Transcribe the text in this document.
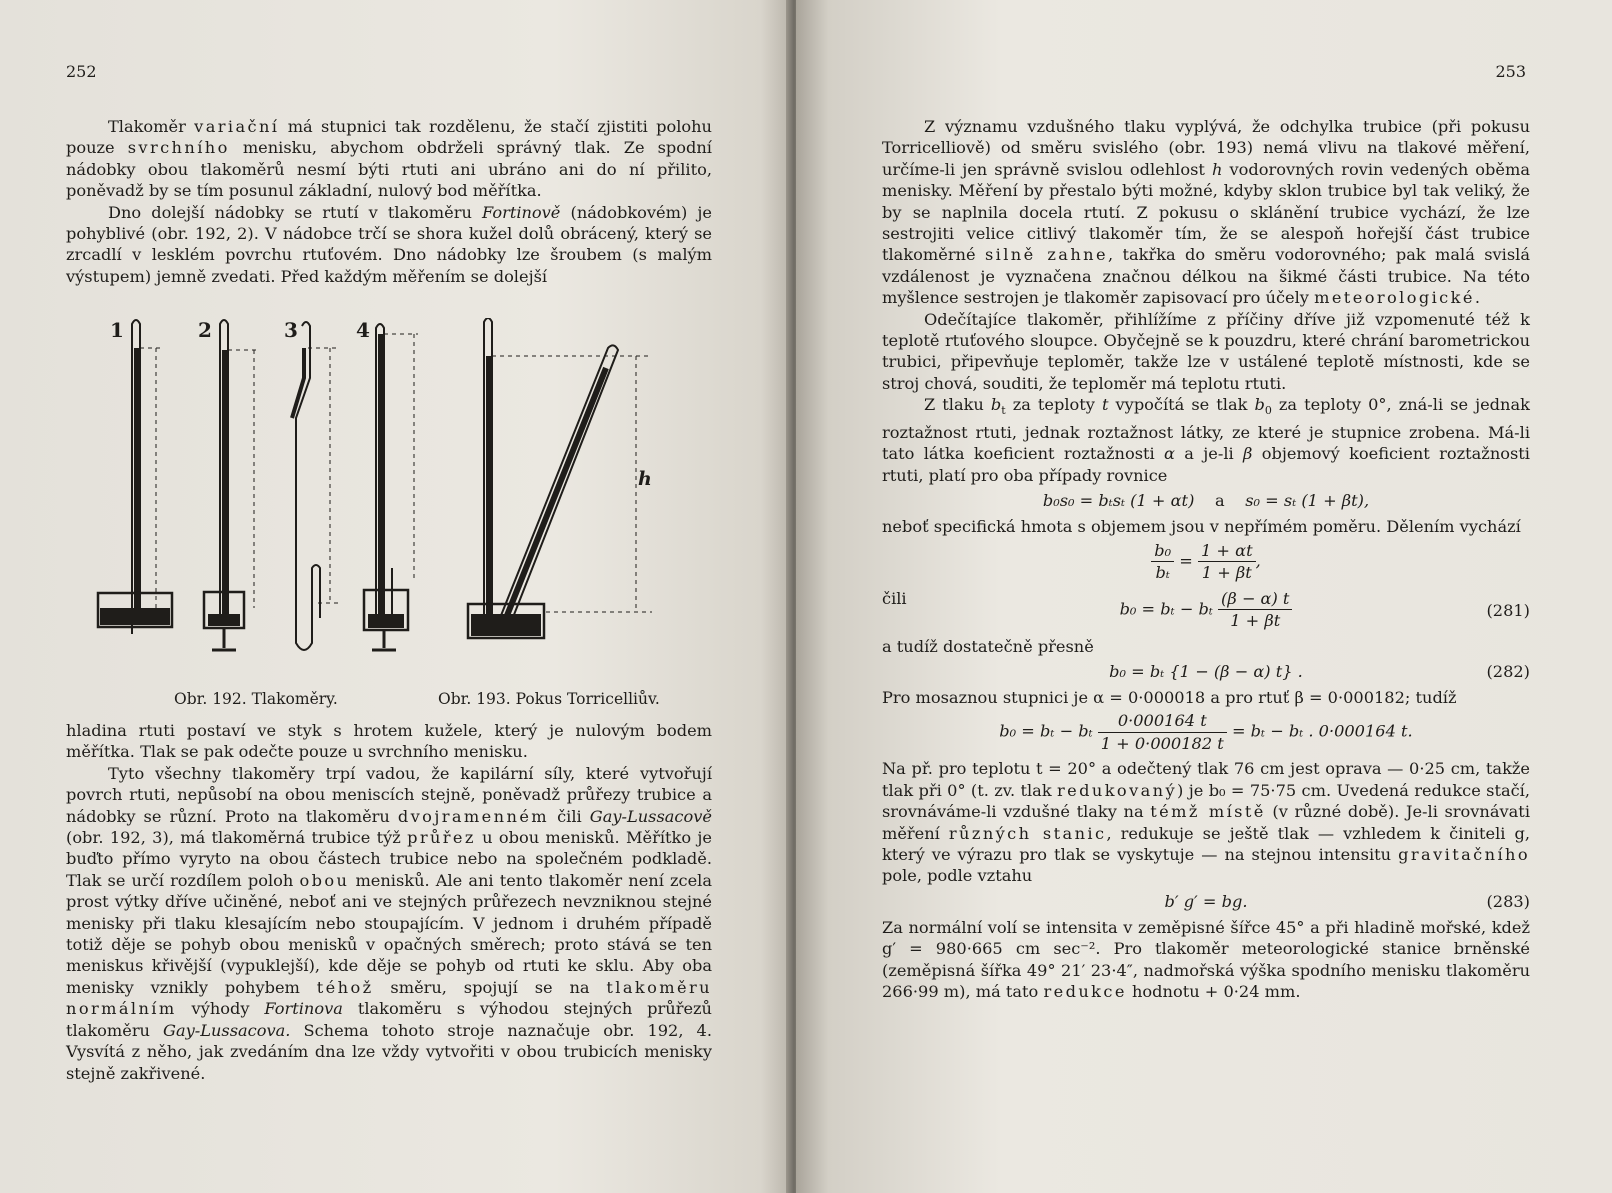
252

Tlakoměr variační má stupnici tak rozdělenu, že stačí zjistiti polohu pouze svrchního menisku, abychom obdrželi správný tlak. Ze spodní nádobky obou tlakoměrů nesmí býti rtuti ani ubráno ani do ní přilito, poněvadž by se tím posunul základní, nulový bod měřítka.

Dno dolejší nádobky se rtutí v tlakoměru Fortinově (nádobkovém) je pohyblivé (obr. 192, 2). V nádobce trčí se shora kužel dolů obrácený, který se zrcadlí v lesklém povrchu rtuťovém. Dno nádobky lze šroubem (s malým výstupem) jemně zvedati. Před každým měřením se dolejší

1	2	3	4
h
Obr. 192. Tlakoměry.	Obr. 193. Pokus Torricelliův.

hladina rtuti postaví ve styk s hrotem kužele, který je nulovým bodem měřítka. Tlak se pak odečte pouze u svrchního menisku.

Tyto všechny tlakoměry trpí vadou, že kapilární síly, které vytvořují povrch rtuti, nepůsobí na obou meniscích stejně, poněvadž průřezy trubice a nádobky se různí. Proto na tlakoměru dvojramenném čili Gay-Lussacově (obr. 192, 3), má tlakoměrná trubice týž průřez u obou menisků. Měřítko je buďto přímo vyryto na obou částech trubice nebo na společném podkladě. Tlak se určí rozdílem poloh obou menisků. Ale ani tento tlakoměr není zcela prost výtky dříve učiněné, neboť ani ve stejných průřezech nevzniknou stejné menisky při tlaku klesajícím nebo stoupajícím. V jednom i druhém případě totiž děje se pohyb obou menisků v opačných směrech; proto stává se ten meniskus křivější (vypuklejší), kde děje se pohyb od rtuti ke sklu. Aby oba menisky vznikly pohybem téhož směru, spojují se na tlakoměru normálním výhody Fortinova tlakoměru s výhodou stejných průřezů tlakoměru Gay-Lussacova. Schema tohoto stroje naznačuje obr. 192, 4. Vysvítá z něho, jak zvedáním dna lze vždy vytvořiti v obou trubicích menisky stejně zakřivené.

253

Z významu vzdušného tlaku vyplývá, že odchylka trubice (při pokusu Torricelliově) od směru svislého (obr. 193) nemá vlivu na tlakové měření, určíme-li jen správně svislou odlehlost h vodorovných rovin vedených oběma menisky. Měření by přestalo býti možné, kdyby sklon trubice byl tak veliký, že by se naplnila docela rtutí. Z pokusu o sklánění trubice vychází, že lze sestrojiti velice citlivý tlakoměr tím, že se alespoň hořejší část trubice tlakoměrné silně zahne, takřka do směru vodorovného; pak malá svislá vzdálenost je vyznačena značnou délkou na šikmé části trubice. Na této myšlence sestrojen je tlakoměr zapisovací pro účely meteorologické.

Odečítajíce tlakoměr, přihlížíme z příčiny dříve již vzpomenuté též k teplotě rtuťového sloupce. Obyčejně se k pouzdru, které chrání barometrickou trubici, připevňuje teploměr, takže lze v ustálené teplotě místnosti, kde se stroj chová, souditi, že teploměr má teplotu rtuti.

Z tlaku $b_t$ za teploty t vypočítá se tlak $b_0$ za teploty 0°, zná-li se jednak roztažnost rtuti, jednak roztažnost látky, ze které je stupnice zrobena. Má-li tato látka koeficient roztažnosti α a je-li β objemový koeficient roztažnosti rtuti, platí pro oba případy rovnice

b₀s₀ = bₜsₜ (1 + αt) a s₀ = sₜ (1 + βt),

neboť specifická hmota s objemem jsou v nepřímém poměru. Dělením vychází

$\frac{\text{b₀}}{\text{bₜ}} = \frac{1 + \alpha t}{1 + \beta t}$ ,
čili
b₀ = bₜ − bₜ $\frac{(\beta - \alpha) t}{1 + \beta t}$	(281)

a tudíž dostatečně přesně

b₀ = bₜ {1 − (β − α) t} .	(282)

Pro mosaznou stupnici je α = 0·000018 a pro rtuť β = 0·000182; tudíž

b₀ = bₜ − bₜ $\frac{0\cdot 000164 t}{1 + 0\cdot 000182 t} = b_t - b_t$ . 0·000164 t.

Na př. pro teplotu t = 20° a odečtený tlak 76 cm jest oprava — 0·25 cm, takže tlak při 0° (t. zv. tlak redukovaný) je b₀ = 75·75 cm. Uvedená redukce stačí, srovnáváme-li vzdušné tlaky na témž místě (v různé době). Je-li srovnávati měření různých stanic, redukuje se ještě tlak — vzhledem k činiteli g, který ve výrazu pro tlak se vyskytuje — na stejnou intensitu gravitačního pole, podle vztahu

b′ g′ = bg.	(283)

Za normální volí se intensita v zeměpisné šířce 45° a při hladině mořské, kdež g′ = 980·665 cm sec⁻². Pro tlakoměr meteorologické stanice brněnské (zeměpisná šířka 49° 21′ 23·4″, nadmořská výška spodního menisku tlakoměru 266·99 m), má tato redukce hodnotu + 0·24 mm.
